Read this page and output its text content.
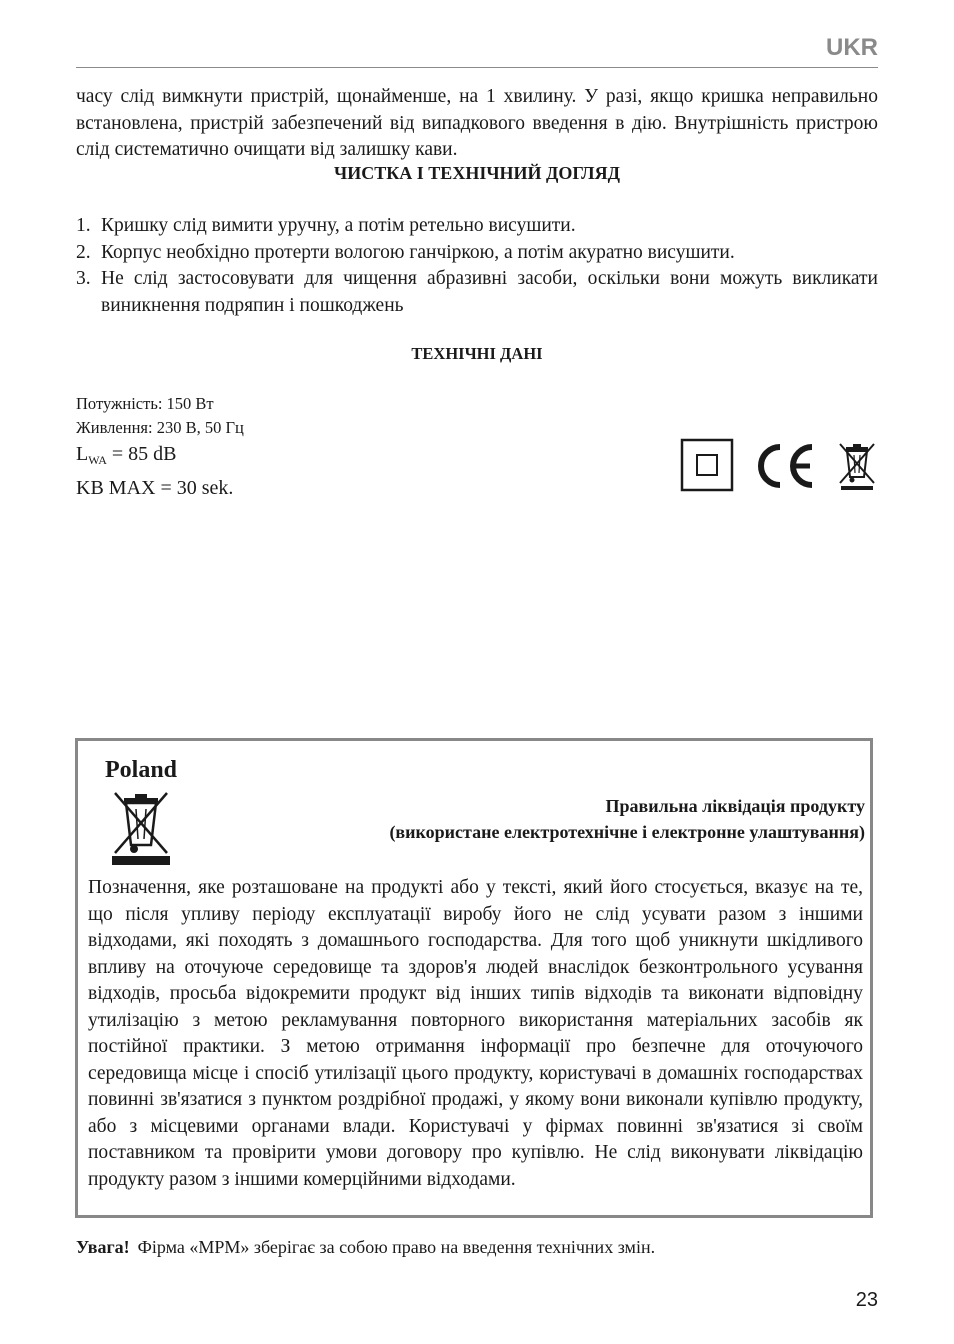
UKR

часу слід вимкнути пристрій, щонайменше, на 1 хвилину. У разі, якщо кришка неправильно встановлена, пристрій забезпечений від випадкового введення в дію. Внутрішність пристрою слід систематично очищати від залишку кави.

ЧИСТКА І ТЕХНІЧНИЙ ДОГЛЯД
1. Кришку слід вимити уручну, а потім ретельно висушити.
2. Корпус необхідно протерти вологою ганчіркою, а потім акуратно висушити.
3. Не слід застосовувати для чищення абразивні засоби, оскільки вони можуть викликати виникнення подряпин і пошкоджень
ТЕХНІЧНІ ДАНІ
Потужність: 150 Вт
Живлення: 230 В, 50 Гц
$L_{WA} = 85$ dB
KB MAX = 30 sek.
Poland
Правильна ліквідація продукту
(використане електротехнічне і електронне улаштування)

Позначення, яке розташоване на продукті або у тексті, який його стосується, вказує на те, що після упливу періоду експлуатації виробу його не слід усувати разом з іншими відходами, які походять з домашнього господарства. Для того щоб уникнути шкідливого впливу на оточуюче середовище та здоров'я людей внаслідок безконтрольного усування відходів, просьба відокремити продукт від інших типів відходів та виконати відповідну утилізацію з метою рекламування повторного використання матеріальних засобів як постійної практики. З метою отримання інформації про безпечне для оточуючого середовища місце і спосіб утилізації цього продукту, користувачі в домашніх господарствах повинні зв'язатися з пунктом роздрібної продажі, у якому вони виконали купівлю продукту, або з місцевими органами влади. Користувачі у фірмах повинні зв'язатися зі своїм поставником та провірити умови договору про купівлю. Не слід виконувати ліквідацію продукту разом з іншими комерційними відходами.

Увага! Фірма «МРМ» зберігає за собою право на введення технічних змін.
23
